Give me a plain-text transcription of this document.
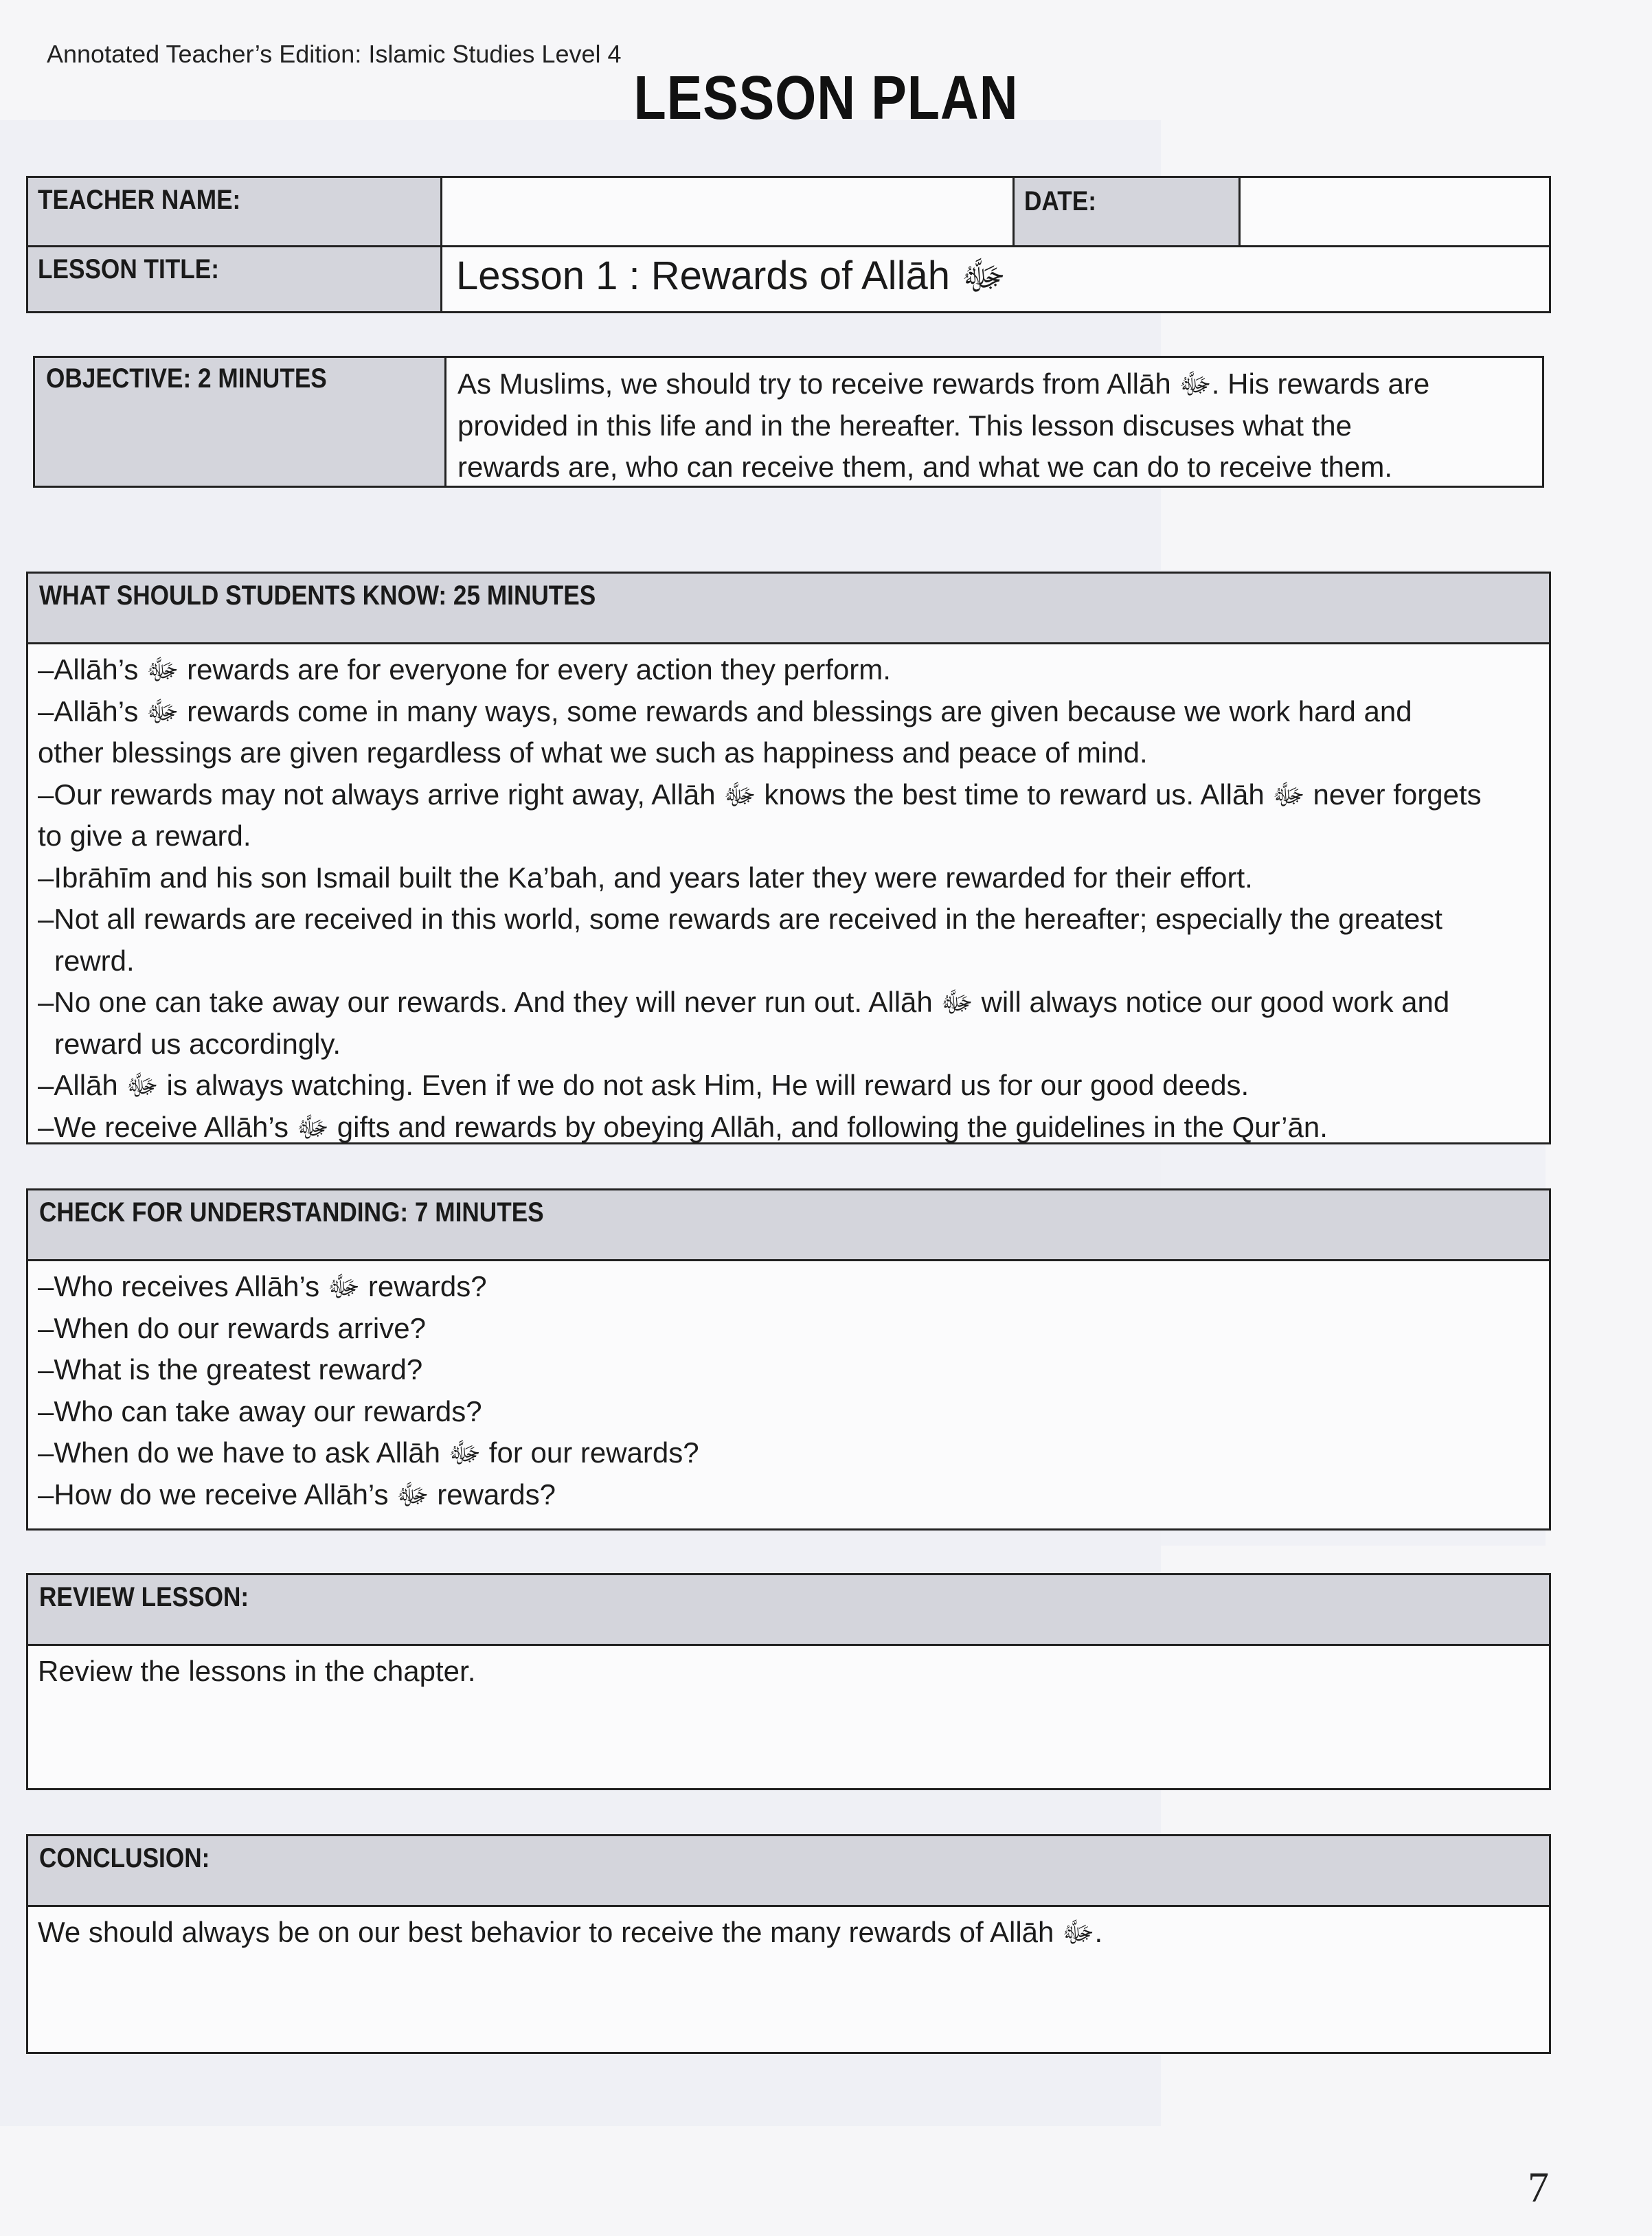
Annotated Teacher’s Edition: Islamic Studies Level 4
LESSON PLAN
TEACHER NAME:	DATE:
LESSON TITLE:	Lesson 1 : Rewards of Allāh ﷻ
OBJECTIVE: 2 MINUTES	As Muslims, we should try to receive rewards from Allāh ﷻ. His rewards are
provided in this life and in the hereafter. This lesson discuses what the
rewards are, who can receive them, and what we can do to receive them.
WHAT SHOULD STUDENTS KNOW: 25 MINUTES
–Allāh’s ﷻ rewards are for everyone for every action they perform.
–Allāh’s ﷻ rewards come in many ways, some rewards and blessings are given because we work hard and
other blessings are given regardless of what we such as happiness and peace of mind.
–Our rewards may not always arrive right away, Allāh ﷻ knows the best time to reward us. Allāh ﷻ never forgets
to give a reward.
–Ibrāhīm and his son Ismail built the Ka’bah, and years later they were rewarded for their effort.
–Not all rewards are received in this world, some rewards are received in the hereafter; especially the greatest
rewrd.
–No one can take away our rewards. And they will never run out. Allāh ﷻ will always notice our good work and
reward us accordingly.
–Allāh ﷻ is always watching. Even if we do not ask Him, He will reward us for our good deeds.
–We receive Allāh’s ﷻ gifts and rewards by obeying Allāh, and following the guidelines in the Qur’ān.
CHECK FOR UNDERSTANDING: 7 MINUTES
–Who receives Allāh’s ﷻ rewards?
–When do our rewards arrive?
–What is the greatest reward?
–Who can take away our rewards?
–When do we have to ask Allāh ﷻ for our rewards?
–How do we receive Allāh’s ﷻ rewards?
REVIEW LESSON:
Review the lessons in the chapter.
CONCLUSION:
We should always be on our best behavior to receive the many rewards of Allāh ﷻ.
7
